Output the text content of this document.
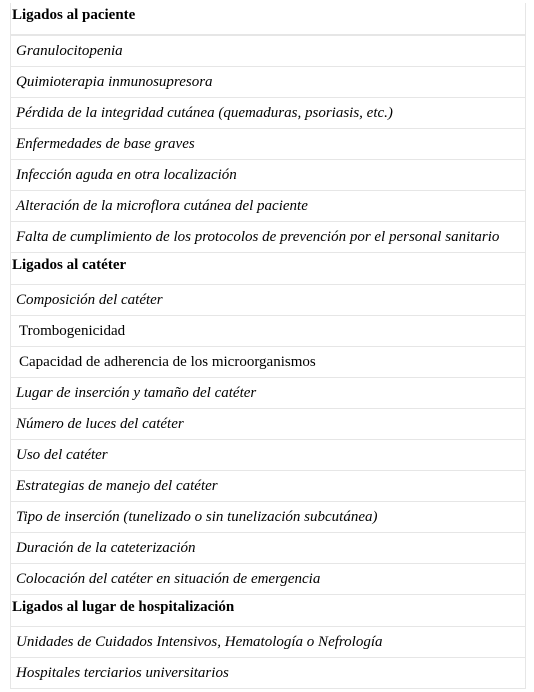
Ligados al paciente
Granulocitopenia
Quimioterapia inmunosupresora
Pérdida de la integridad cutánea (quemaduras, psoriasis, etc.)
Enfermedades de base graves
Infección aguda en otra localización
Alteración de la microflora cutánea del paciente
Falta de cumplimiento de los protocolos de prevención por el personal sanitario
Ligados al catéter
Composición del catéter
Trombogenicidad
Capacidad de adherencia de los microorganismos
Lugar de inserción y tamaño del catéter
Número de luces del catéter
Uso del catéter
Estrategias de manejo del catéter
Tipo de inserción (tunelizado o sin tunelización subcutánea)
Duración de la cateterización
Colocación del catéter en situación de emergencia
Ligados al lugar de hospitalización
Unidades de Cuidados Intensivos, Hematología o Nefrología
Hospitales terciarios universitarios
